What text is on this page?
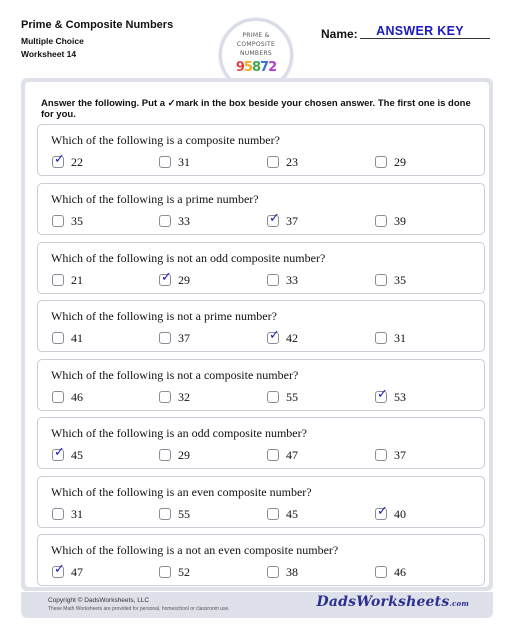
Prime & Composite Numbers
Multiple Choice
Worksheet 14
PRIME &
COMPOSITE
NUMBERS
95872
Name:	ANSWER KEY
Answer the following. Put a ✓mark in the box beside your chosen answer. The first one is done for you.
Which of the following is a composite number?
✓ 22	31	23	29
Which of the following is a prime number?
35	33	✓ 37	39
Which of the following is not an odd composite number?
21	✓ 29	33	35
Which of the following is not a prime number?
41	37	✓ 42	31
Which of the following is not a composite number?
46	32	55	✓ 53
Which of the following is an odd composite number?
✓ 45	29	47	37
Which of the following is an even composite number?
31	55	45	✓ 40
Which of the following is a not an even composite number?
✓ 47	52	38	46
Copyright © DadsWorksheets, LLC
These Math Worksheets are provided for personal, homeschool or classroom use.	DadsWorksheets.com
